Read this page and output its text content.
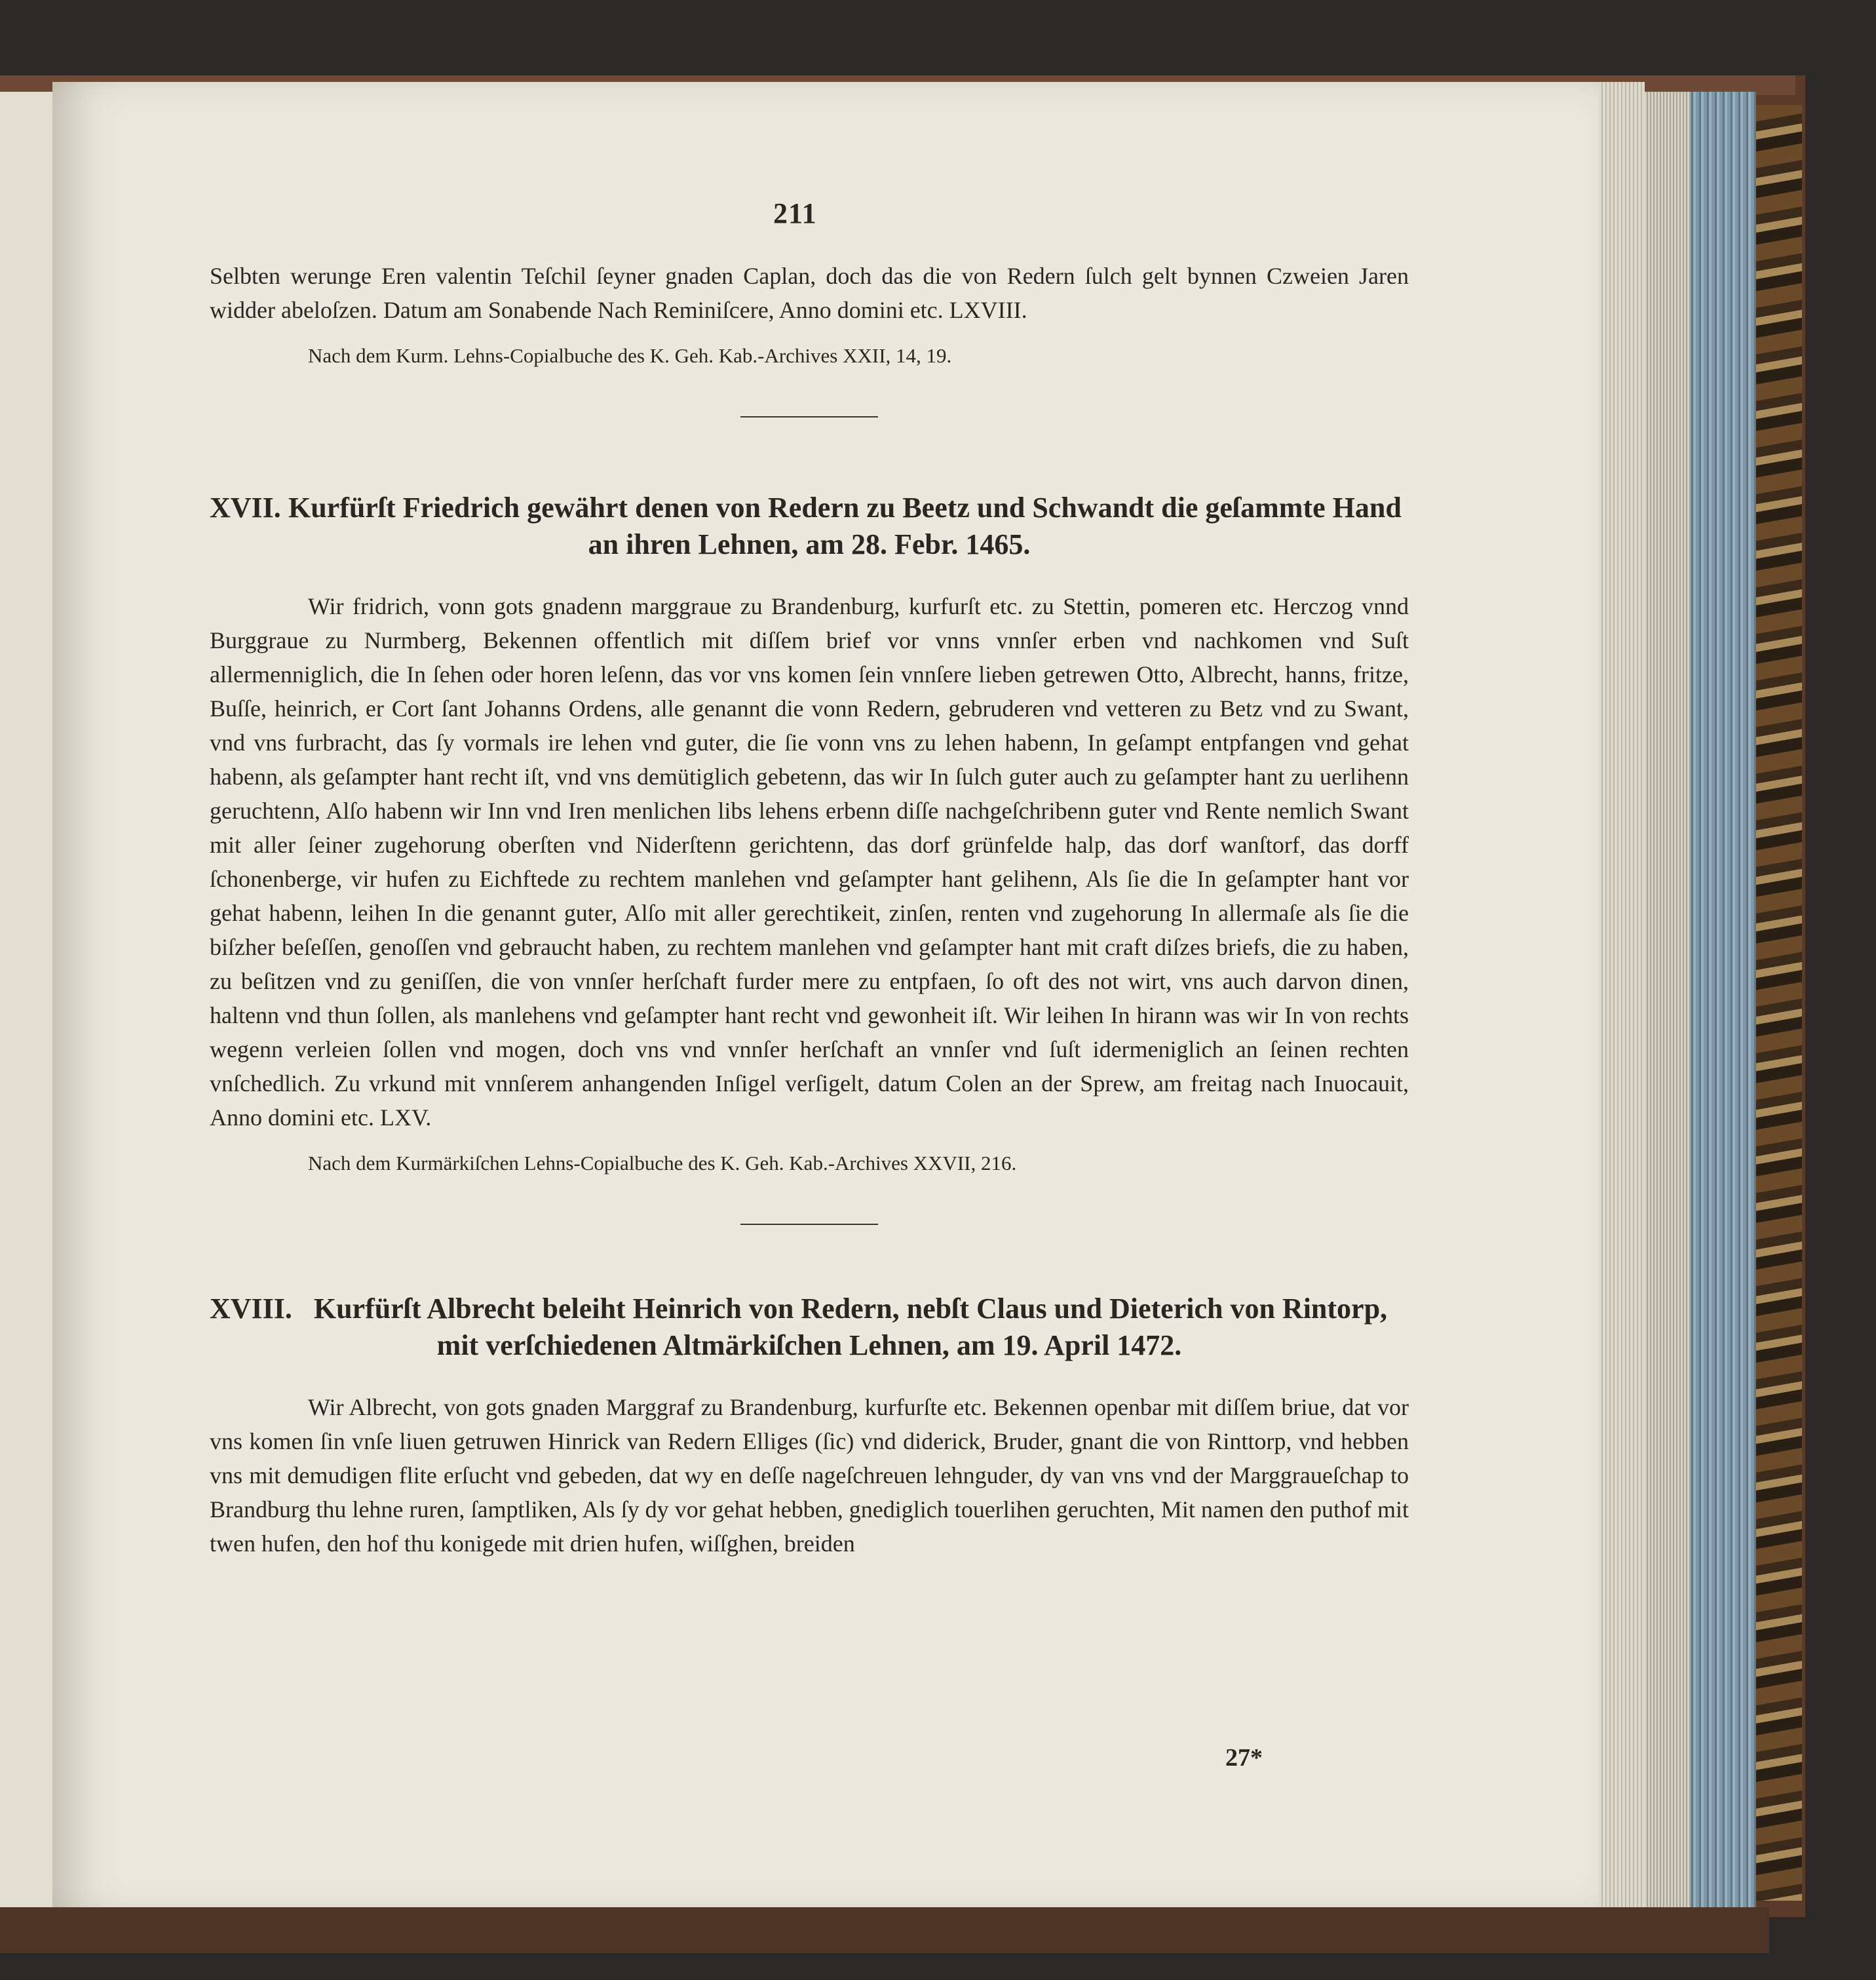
211

Selbten werunge Eren valentin Teſchil ſeyner gnaden Caplan, doch das die von Redern ſulch gelt bynnen Czweien Jaren widder abeloſzen. Datum am Sonabende Nach Reminiſcere, Anno domini etc. LXVIII.

Nach dem Kurm. Lehns-Copialbuche des K. Geh. Kab.-Archives XXII, 14, 19.

XVII. Kurfürſt Friedrich gewährt denen von Redern zu Beetz und Schwandt die geſammte Hand an ihren Lehnen, am 28. Febr. 1465.

Wir fridrich, vonn gots gnadenn marggraue zu Brandenburg, kurfurſt etc. zu Stettin, pomeren etc. Herczog vnnd Burggraue zu Nurmberg, Bekennen offentlich mit diſſem brief vor vnns vnnſer erben vnd nachkomen vnd Suſt allermenniglich, die In ſehen oder horen leſenn, das vor vns komen ſein vnnſere lieben getrewen Otto, Albrecht, hanns, fritze, Buſſe, heinrich, er Cort ſant Johanns Ordens, alle genannt die vonn Redern, gebruderen vnd vetteren zu Betz vnd zu Swant, vnd vns furbracht, das ſy vormals ire lehen vnd guter, die ſie vonn vns zu lehen habenn, In geſampt entpfangen vnd gehat habenn, als geſampter hant recht iſt, vnd vns demütiglich gebetenn, das wir In ſulch guter auch zu geſampter hant zu uerlihenn geruchtenn, Alſo habenn wir Inn vnd Iren menlichen libs lehens erbenn diſſe nachgeſchribenn guter vnd Rente nemlich Swant mit aller ſeiner zugehorung oberſten vnd Niderſtenn gerichtenn, das dorf grünfelde halp, das dorf wanſtorf, das dorff ſchonenberge, vir hufen zu Eichftede zu rechtem manlehen vnd geſampter hant gelihenn, Als ſie die In geſampter hant vor gehat habenn, leihen In die genannt guter, Alſo mit aller gerechtikeit, zinſen, renten vnd zugehorung In allermaſe als ſie die biſzher beſeſſen, genoſſen vnd gebraucht haben, zu rechtem manlehen vnd geſampter hant mit craft diſzes briefs, die zu haben, zu beſitzen vnd zu geniſſen, die von vnnſer herſchaft furder mere zu entpfaen, ſo oft des not wirt, vns auch darvon dinen, haltenn vnd thun ſollen, als manlehens vnd geſampter hant recht vnd gewonheit iſt. Wir leihen In hirann was wir In von rechts wegenn verleien ſollen vnd mogen, doch vns vnd vnnſer herſchaft an vnnſer vnd ſuſt idermeniglich an ſeinen rechten vnſchedlich. Zu vrkund mit vnnſerem anhangenden Inſigel verſigelt, datum Colen an der Sprew, am freitag nach Inuocauit, Anno domini etc. LXV.

Nach dem Kurmärkiſchen Lehns-Copialbuche des K. Geh. Kab.-Archives XXVII, 216.

XVIII. Kurfürſt Albrecht beleiht Heinrich von Redern, nebſt Claus und Dieterich von Rintorp, mit verſchiedenen Altmärkiſchen Lehnen, am 19. April 1472.

Wir Albrecht, von gots gnaden Marggraf zu Brandenburg, kurfurſte etc. Bekennen openbar mit diſſem briue, dat vor vns komen ſin vnſe liuen getruwen Hinrick van Redern Elliges (ſic) vnd diderick, Bruder, gnant die von Rinttorp, vnd hebben vns mit demudigen flite erſucht vnd gebeden, dat wy en deſſe nageſchreuen lehnguder, dy van vns vnd der Marggraueſchap to Brandburg thu lehne ruren, ſamptliken, Als ſy dy vor gehat hebben, gnediglich touerlihen geruchten, Mit namen den puthof mit twen hufen, den hof thu konigede mit drien hufen, wiſſghen, breiden

27*
